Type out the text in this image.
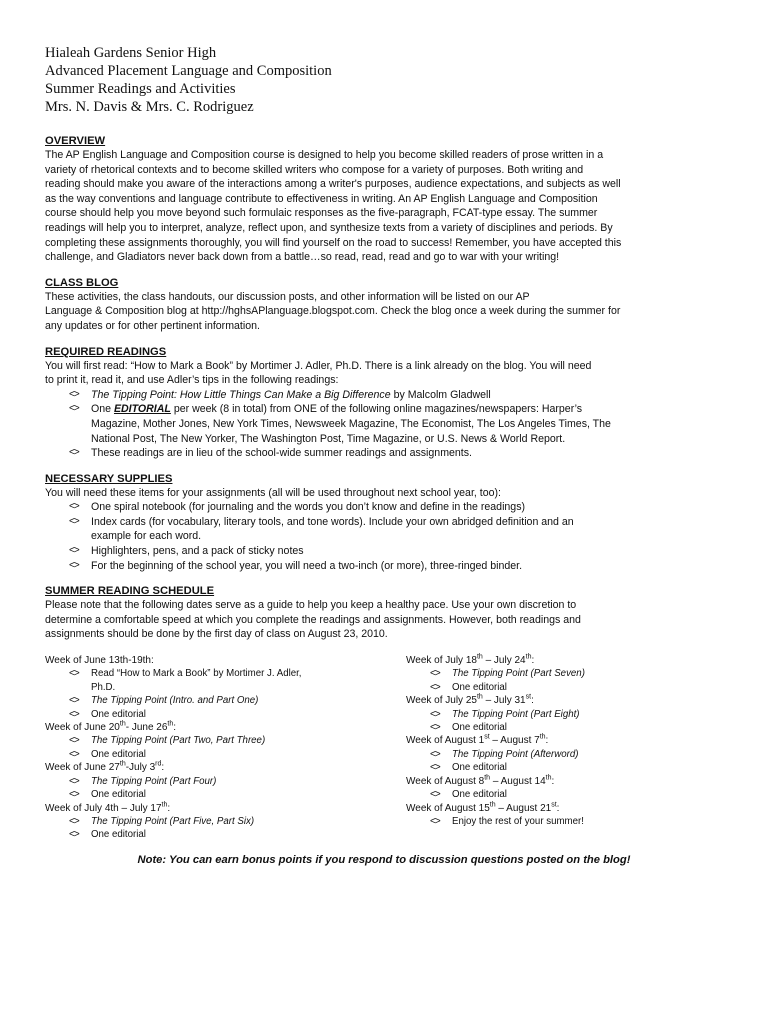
Hialeah Gardens Senior High

Advanced Placement Language and Composition

Summer Readings and Activities

Mrs. N. Davis & Mrs. C. Rodriguez

OVERVIEW

The AP English Language and Composition course is designed to help you become skilled readers of prose written in a

variety of rhetorical contexts and to become skilled writers who compose for a variety of purposes. Both writing and

reading should make you aware of the interactions among a writer's purposes, audience expectations, and subjects as well

as the way conventions and language contribute to effectiveness in writing. An AP English Language and Composition

course should help you move beyond such formulaic responses as the five-paragraph, FCAT-type essay. The summer

readings will help you to interpret, analyze, reflect upon, and synthesize texts from a variety of disciplines and periods. By

completing these assignments thoroughly, you will find yourself on the road to success! Remember, you have accepted this

challenge, and Gladiators never back down from a battle…so read, read, read and go to war with your writing!

CLASS BLOG

These activities, the class handouts, our discussion posts, and other information will be listed on our AP

Language & Composition blog at http://hghsAPlanguage.blogspot.com. Check the blog once a week during the summer for

any updates or for other pertinent information.

REQUIRED READINGS

You will first read: “How to Mark a Book” by Mortimer J. Adler, Ph.D. There is a link already on the blog. You will need

to print it, read it, and use Adler’s tips in the following readings:

<> The Tipping Point: How Little Things Can Make a Big Difference by Malcolm Gladwell
<> One EDITORIAL per week (8 in total) from ONE of the following online magazines/newspapers: Harper’s
Magazine, Mother Jones, New York Times, Newsweek Magazine, The Economist, The Los Angeles Times, The
National Post, The New Yorker, The Washington Post, Time Magazine, or U.S. News & World Report.
<> These readings are in lieu of the school-wide summer readings and assignments.

NECESSARY SUPPLIES

You will need these items for your assignments (all will be used throughout next school year, too):

<> One spiral notebook (for journaling and the words you don’t know and define in the readings)
<> Index cards (for vocabulary, literary tools, and tone words). Include your own abridged definition and an
example for each word.
<> Highlighters, pens, and a pack of sticky notes
<> For the beginning of the school year, you will need a two-inch (or more), three-ringed binder.

SUMMER READING SCHEDULE

Please note that the following dates serve as a guide to help you keep a healthy pace. Use your own discretion to

determine a comfortable speed at which you complete the readings and assignments. However, both readings and

assignments should be done by the first day of class on August 23, 2010.

Week of June 13th-19th:
<> Read “How to Mark a Book” by Mortimer J. Adler,
Ph.D.
<> The Tipping Point (Intro. and Part One)
<> One editorial
Week of June 20th- June 26th:
<> The Tipping Point (Part Two, Part Three)
<> One editorial
Week of June 27th-July 3rd:
<> The Tipping Point (Part Four)
<> One editorial
Week of July 4th – July 17th:
<> The Tipping Point (Part Five, Part Six)
<> One editorial
Week of July 18th – July 24th:
<> The Tipping Point (Part Seven)
<> One editorial
Week of July 25th – July 31st:
<> The Tipping Point (Part Eight)
<> One editorial
Week of August 1st – August 7th:
<> The Tipping Point (Afterword)
<> One editorial
Week of August 8th – August 14th:
<> One editorial
Week of August 15th – August 21st:
<> Enjoy the rest of your summer!

Note: You can earn bonus points if you respond to discussion questions posted on the blog!
